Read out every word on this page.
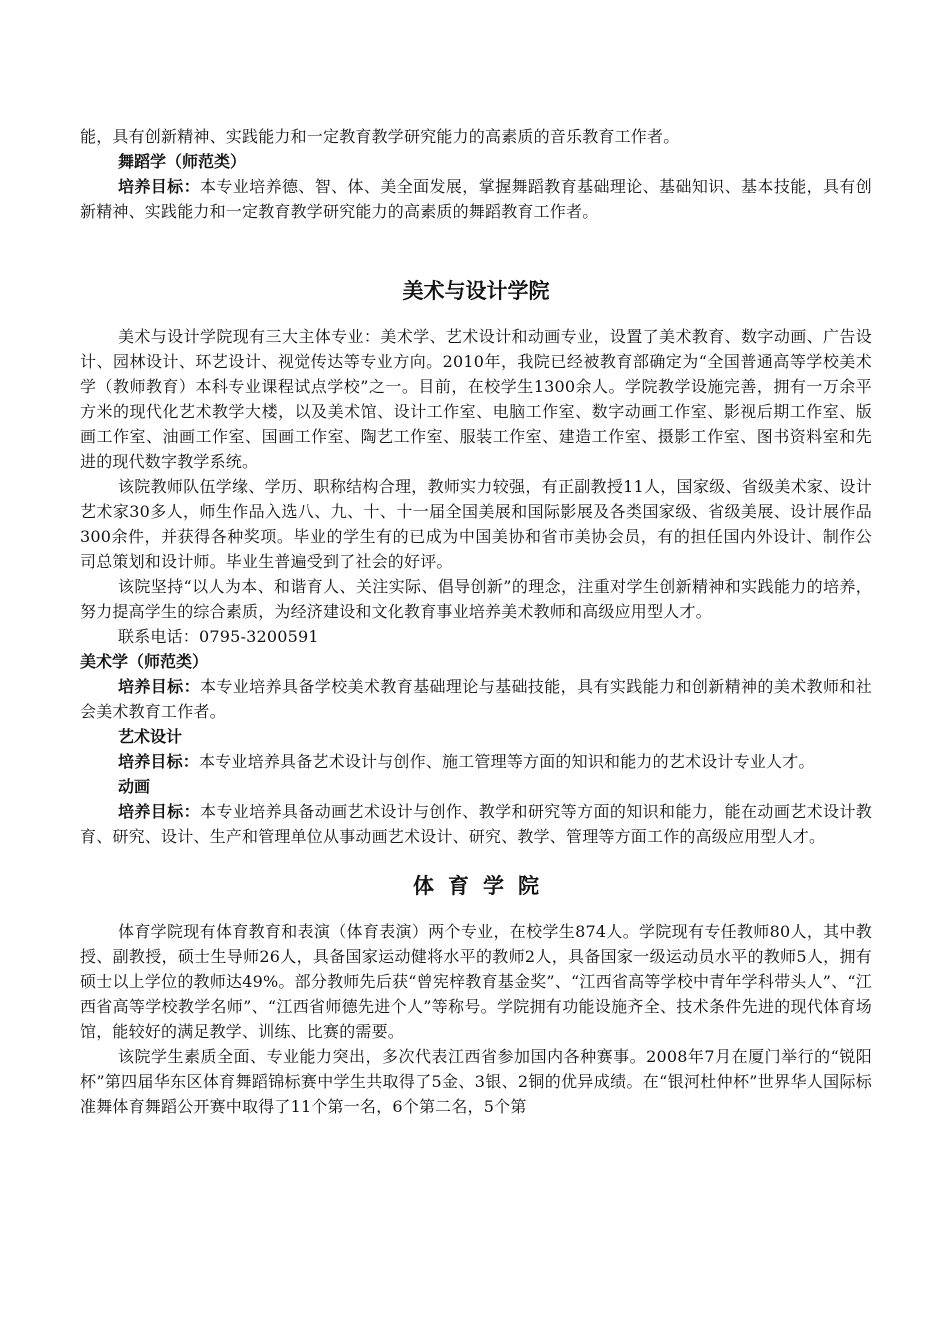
能，具有创新精神、实践能力和一定教育教学研究能力的高素质的音乐教育工作者。

舞蹈学（师范类）

培养目标：本专业培养德、智、体、美全面发展，掌握舞蹈教育基础理论、基础知识、基本技能，具有创新精神、实践能力和一定教育教学研究能力的高素质的舞蹈教育工作者。

美术与设计学院

美术与设计学院现有三大主体专业：美术学、艺术设计和动画专业，设置了美术教育、数字动画、广告设计、园林设计、环艺设计、视觉传达等专业方向。2010年，我院已经被教育部确定为“全国普通高等学校美术学（教师教育）本科专业课程试点学校”之一。目前，在校学生1300余人。学院教学设施完善，拥有一万余平方米的现代化艺术教学大楼，以及美术馆、设计工作室、电脑工作室、数字动画工作室、影视后期工作室、版画工作室、油画工作室、国画工作室、陶艺工作室、服装工作室、建造工作室、摄影工作室、图书资料室和先进的现代数字教学系统。

该院教师队伍学缘、学历、职称结构合理，教师实力较强，有正副教授11人，国家级、省级美术家、设计艺术家30多人，师生作品入选八、九、十、十一届全国美展和国际影展及各类国家级、省级美展、设计展作品300余件，并获得各种奖项。毕业的学生有的已成为中国美协和省市美协会员，有的担任国内外设计、制作公司总策划和设计师。毕业生普遍受到了社会的好评。

该院坚持“以人为本、和谐育人、关注实际、倡导创新”的理念，注重对学生创新精神和实践能力的培养，努力提高学生的综合素质，为经济建设和文化教育事业培养美术教师和高级应用型人才。

联系电话：0795-3200591

美术学（师范类）

培养目标：本专业培养具备学校美术教育基础理论与基础技能，具有实践能力和创新精神的美术教师和社会美术教育工作者。

艺术设计

培养目标：本专业培养具备艺术设计与创作、施工管理等方面的知识和能力的艺术设计专业人才。

动画

培养目标：本专业培养具备动画艺术设计与创作、教学和研究等方面的知识和能力，能在动画艺术设计教育、研究、设计、生产和管理单位从事动画艺术设计、研究、教学、管理等方面工作的高级应用型人才。

体育学院

体育学院现有体育教育和表演（体育表演）两个专业，在校学生874人。学院现有专任教师80人，其中教授、副教授，硕士生导师26人，具备国家运动健将水平的教师2人，具备国家一级运动员水平的教师5人，拥有硕士以上学位的教师达49%。部分教师先后获“曾宪梓教育基金奖”、“江西省高等学校中青年学科带头人”、“江西省高等学校教学名师”、“江西省师德先进个人”等称号。学院拥有功能设施齐全、技术条件先进的现代体育场馆，能较好的满足教学、训练、比赛的需要。

该院学生素质全面、专业能力突出，多次代表江西省参加国内各种赛事。2008年7月在厦门举行的“锐阳杯”第四届华东区体育舞蹈锦标赛中学生共取得了5金、3银、2铜的优异成绩。在“银河杜仲杯”世界华人国际标准舞体育舞蹈公开赛中取得了11个第一名，6个第二名，5个第
